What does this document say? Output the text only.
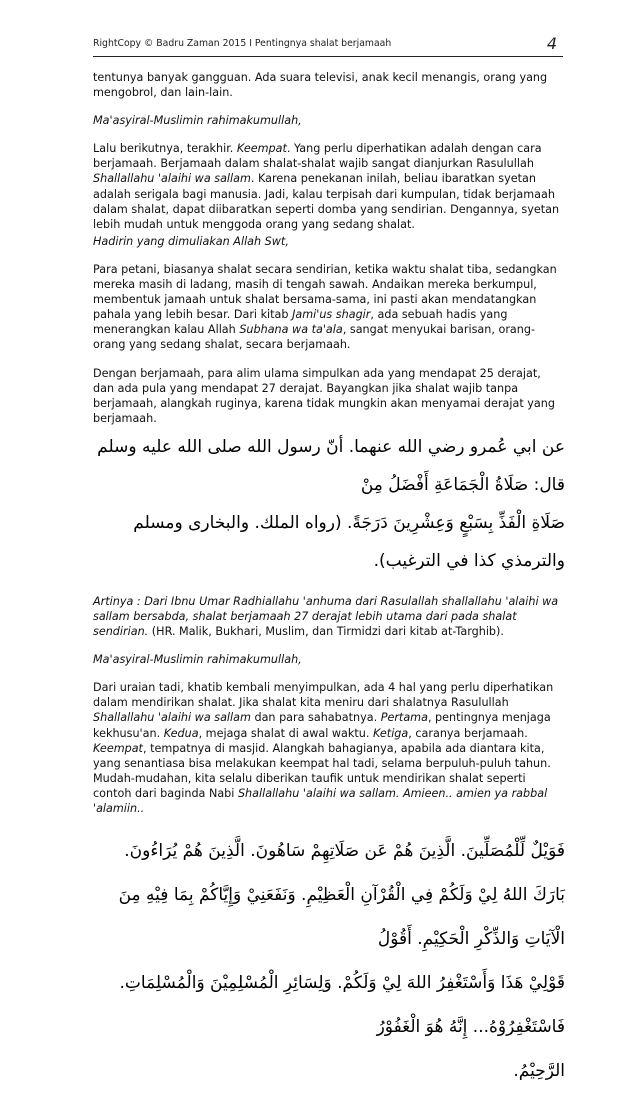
RightCopy © Badru Zaman 2015 I Pentingnya shalat berjamaah	4

tentunya banyak gangguan. Ada suara televisi, anak kecil menangis, orang yang mengobrol, dan lain-lain.

Ma'asyiral-Muslimin rahimakumullah,

Lalu berikutnya, terakhir. Keempat. Yang perlu diperhatikan adalah dengan cara berjamaah. Berjamaah dalam shalat-shalat wajib sangat dianjurkan Rasulullah Shallallahu 'alaihi wa sallam. Karena penekanan inilah, beliau ibaratkan syetan adalah serigala bagi manusia. Jadi, kalau terpisah dari kumpulan, tidak berjamaah dalam shalat, dapat diibaratkan seperti domba yang sendirian. Dengannya, syetan lebih mudah untuk menggoda orang yang sedang shalat.

Hadirin yang dimuliakan Allah Swt,

Para petani, biasanya shalat secara sendirian, ketika waktu shalat tiba, sedangkan mereka masih di ladang, masih di tengah sawah. Andaikan mereka berkumpul, membentuk jamaah untuk shalat bersama-sama, ini pasti akan mendatangkan pahala yang lebih besar. Dari kitab Jami'us shagir, ada sebuah hadis yang menerangkan kalau Allah Subhana wa ta'ala, sangat menyukai barisan, orang-orang yang sedang shalat, secara berjamaah.

Dengan berjamaah, para alim ulama simpulkan ada yang mendapat 25 derajat, dan ada pula yang mendapat 27 derajat. Bayangkan jika shalat wajib tanpa berjamaah, alangkah ruginya, karena tidak mungkin akan menyamai derajat yang berjamaah.

عن ابي عُمرو رضي الله عنهما. أنّ رسول الله صلى الله عليه وسلم قال: صَلَاةُ الْجَمَاعَةِ أَفْضَلُ مِنْ

صَلَاةِ الْفَذِّ بِسَبْعٍ وَعِشْرِينَ دَرَجَةً. (رواه الملك. والبخارى ومسلم والترمذي كذا في الترغيب).

Artinya : Dari Ibnu Umar Radhiallahu 'anhuma dari Rasulallah shallallahu 'alaihi wa sallam bersabda, shalat berjamaah 27 derajat lebih utama dari pada shalat sendirian. (HR. Malik, Bukhari, Muslim, dan Tirmidzi dari kitab at-Targhib).

Ma'asyiral-Muslimin rahimakumullah,

Dari uraian tadi, khatib kembali menyimpulkan, ada 4 hal yang perlu diperhatikan dalam mendirikan shalat. Jika shalat kita meniru dari shalatnya Rasulullah Shallallahu 'alaihi wa sallam dan para sahabatnya. Pertama, pentingnya menjaga kekhusu'an. Kedua, mejaga shalat di awal waktu. Ketiga, caranya berjamaah. Keempat, tempatnya di masjid. Alangkah bahagianya, apabila ada diantara kita, yang senantiasa bisa melakukan keempat hal tadi, selama berpuluh-puluh tahun. Mudah-mudahan, kita selalu diberikan taufik untuk mendirikan shalat seperti contoh dari baginda Nabi Shallallahu 'alaihi wa sallam. Amieen.. amien ya rabbal 'alamiin..

فَوَيْلٌ لِّلْمُصَلِّينَ. الَّذِينَ هُمْ عَن صَلَاتِهِمْ سَاهُونَ. الَّذِينَ هُمْ يُرَاءُونَ.

بَارَكَ اللهُ لِيْ وَلَكُمْ فِي الْقُرْآنِ الْعَظِيْمِ. وَنَفَعَنِيْ وَإِيَّاكُمْ بِمَا فِيْهِ مِنَ الْآيَاتِ وَالذِّكْرِ الْحَكِيْمِ. أَقُوْلُ

قَوْلِيْ هَذَا وَأَسْتَغْفِرُ اللهَ لِيْ وَلَكُمْ. وَلِسَائِرِ الْمُسْلِمِيْنَ وَالْمُسْلِمَاتِ. فَاسْتَغْفِرُوْهُ... إِنَّهُ هُوَ الْغَفُوْرُ

الرَّحِيْمُ.
